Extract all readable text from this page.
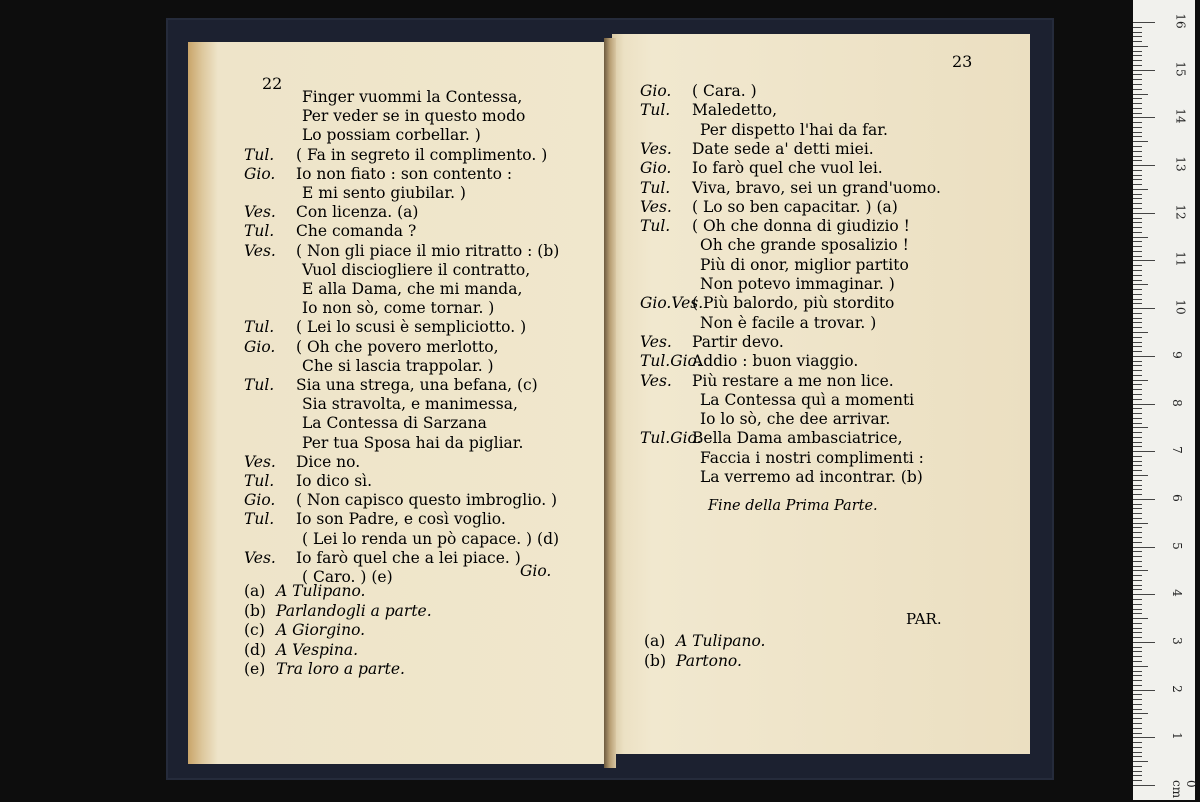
22
Finger vuommi la Contessa,
Per veder se in questo modo
Lo possiam corbellar. )
Tul. ( Fa in segreto il complimento. )
Gio. Io non fiato : son contento :
E mi sento giubilar. )
Ves. Con licenza. (a)
Tul. Che comanda ?
Ves. ( Non gli piace il mio ritratto : (b)
Vuol disciogliere il contratto,
E alla Dama, che mi manda,
Io non sò, come tornar. )
Tul. ( Lei lo scusi è sempliciotto. )
Gio. ( Oh che povero merlotto,
Che si lascia trappolar. )
Tul. Sia una strega, una befana, (c)
Sia stravolta, e manimessa,
La Contessa di Sarzana
Per tua Sposa hai da pigliar.
Ves. Dice no.
Tul. Io dico sì.
Gio. ( Non capisco questo imbroglio. )
Tul. Io son Padre, e così voglio.
( Lei lo renda un pò capace. ) (d)
Ves. Io farò quel che a lei piace. )
( Caro. ) (e)	Gio.
(a) A Tulipano.
(b) Parlandogli a parte.
(c) A Giorgino.
(d) A Vespina.
(e) Tra loro a parte.
23
Gio. ( Cara. )
Tul. Maledetto,
Per dispetto l'hai da far.
Ves. Date sede a' detti miei.
Gio. Io farò quel che vuol lei.
Tul. Viva, bravo, sei un grand'uomo.
Ves. ( Lo so ben capacitar. ) (a)
Tul. ( Oh che donna di giudizio !
Oh che grande sposalizio !
Più di onor, miglior partito
Non potevo immaginar. )
Gio.Ves.
( Più balordo, più stordito
Non è facile a trovar. )
Ves. Partir devo.
Tul.Gio.
Addio : buon viaggio.
Ves. Più restare a me non lice.
La Contessa quì a momenti
Io lo sò, che dee arrivar.
Tul.Gio.
Bella Dama ambasciatrice,
Faccia i nostri complimenti :
La verremo ad incontrar. (b)
Fine della Prima Parte.
PAR.
(a) A Tulipano.
(b) Partono.
0 cm
1
2
3
4
5
6
7
8
9
10
11
12
13
14
15
16
